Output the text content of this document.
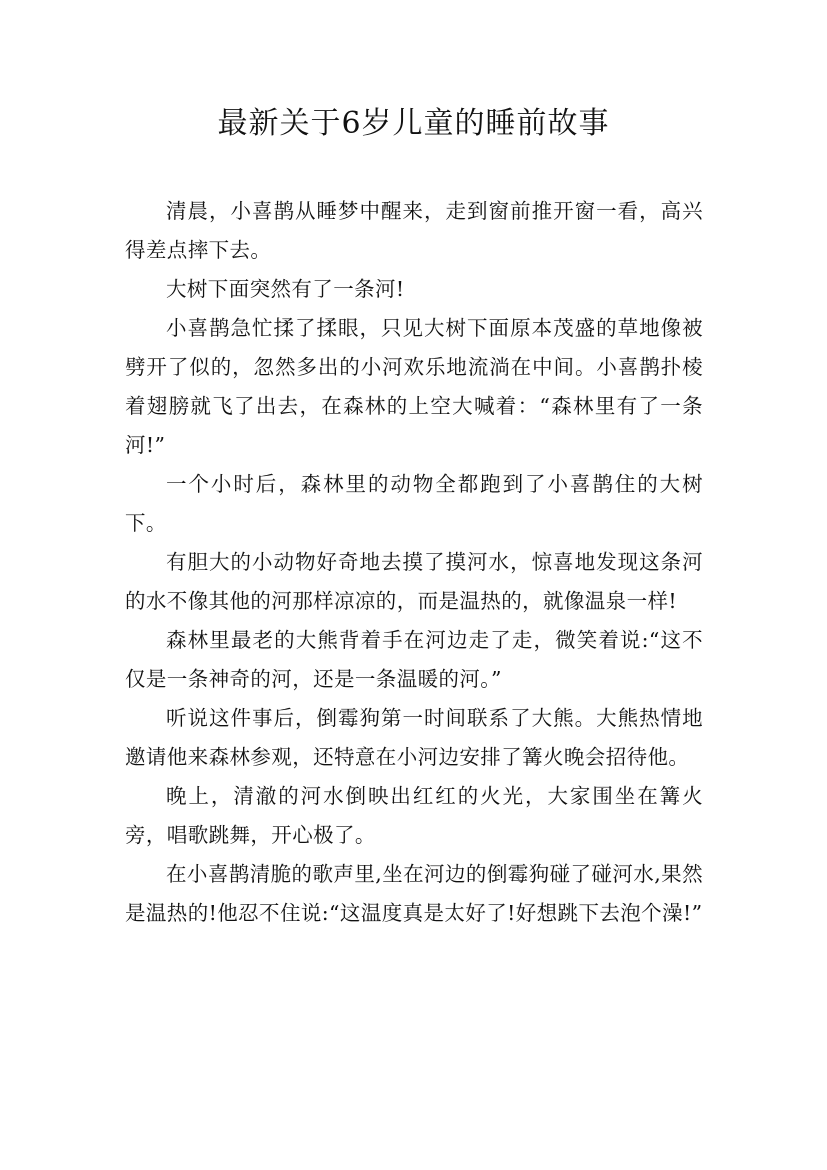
最新关于6岁儿童的睡前故事

清晨，小喜鹊从睡梦中醒来，走到窗前推开窗一看，高兴得差点摔下去。

大树下面突然有了一条河!

小喜鹊急忙揉了揉眼，只见大树下面原本茂盛的草地像被劈开了似的，忽然多出的小河欢乐地流淌在中间。小喜鹊扑棱着翅膀就飞了出去，在森林的上空大喊着：“森林里有了一条河!”

一个小时后，森林里的动物全都跑到了小喜鹊住的大树下。

有胆大的小动物好奇地去摸了摸河水，惊喜地发现这条河的水不像其他的河那样凉凉的，而是温热的，就像温泉一样!

森林里最老的大熊背着手在河边走了走，微笑着说:“这不仅是一条神奇的河，还是一条温暖的河。”

听说这件事后，倒霉狗第一时间联系了大熊。大熊热情地邀请他来森林参观，还特意在小河边安排了篝火晚会招待他。

晚上，清澈的河水倒映出红红的火光，大家围坐在篝火旁，唱歌跳舞，开心极了。

在小喜鹊清脆的歌声里,坐在河边的倒霉狗碰了碰河水,果然是温热的!他忍不住说:“这温度真是太好了!好想跳下去泡个澡!”
